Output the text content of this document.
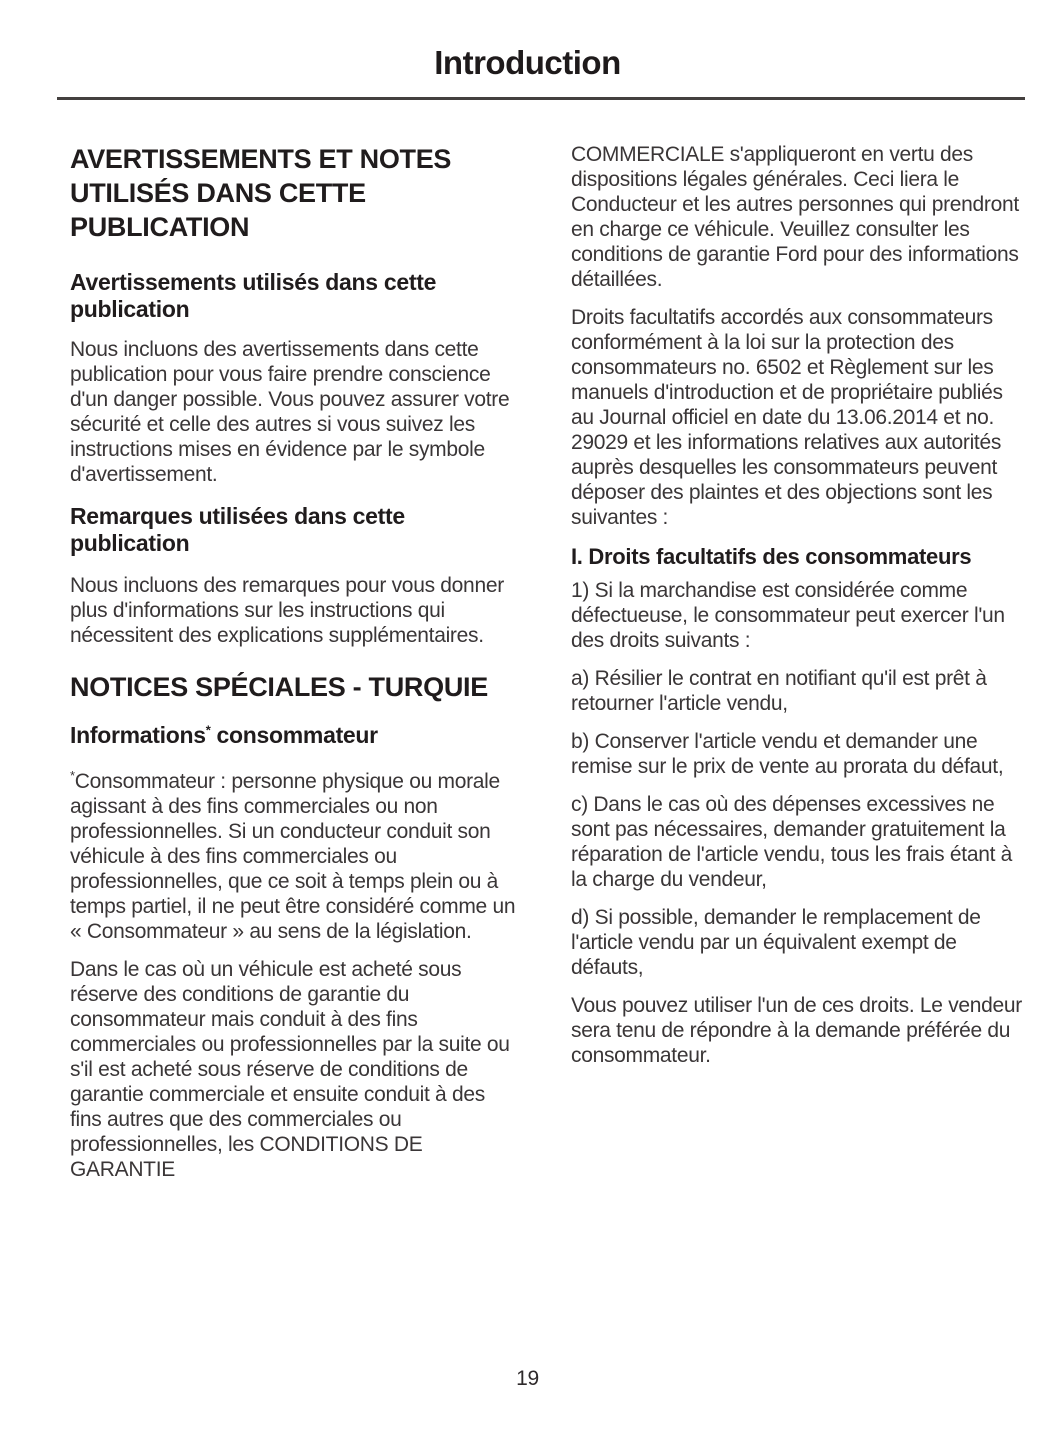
Introduction
AVERTISSEMENTS ET NOTES UTILISÉS DANS CETTE PUBLICATION
Avertissements utilisés dans cette publication

Nous incluons des avertissements dans cette publication pour vous faire prendre conscience d'un danger possible. Vous pouvez assurer votre sécurité et celle des autres si vous suivez les instructions mises en évidence par le symbole d'avertissement.

Remarques utilisées dans cette publication

Nous incluons des remarques pour vous donner plus d'informations sur les instructions qui nécessitent des explications supplémentaires.

NOTICES SPÉCIALES - TURQUIE
Informations* consommateur

*Consommateur : personne physique ou morale agissant à des fins commerciales ou non professionnelles. Si un conducteur conduit son véhicule à des fins commerciales ou professionnelles, que ce soit à temps plein ou à temps partiel, il ne peut être considéré comme un « Consommateur » au sens de la législation.

Dans le cas où un véhicule est acheté sous réserve des conditions de garantie du consommateur mais conduit à des fins commerciales ou professionnelles par la suite ou s'il est acheté sous réserve de conditions de garantie commerciale et ensuite conduit à des fins autres que des commerciales ou professionnelles, les CONDITIONS DE GARANTIE

COMMERCIALE s'appliqueront en vertu des dispositions légales générales. Ceci liera le Conducteur et les autres personnes qui prendront en charge ce véhicule. Veuillez consulter les conditions de garantie Ford pour des informations détaillées.

Droits facultatifs accordés aux consommateurs conformément à la loi sur la protection des consommateurs no. 6502 et Règlement sur les manuels d'introduction et de propriétaire publiés au Journal officiel en date du 13.06.2014 et no. 29029 et les informations relatives aux autorités auprès desquelles les consommateurs peuvent déposer des plaintes et des objections sont les suivantes :

I. Droits facultatifs des consommateurs

1) Si la marchandise est considérée comme défectueuse, le consommateur peut exercer l'un des droits suivants :

a) Résilier le contrat en notifiant qu'il est prêt à retourner l'article vendu,

b) Conserver l'article vendu et demander une remise sur le prix de vente au prorata du défaut,

c) Dans le cas où des dépenses excessives ne sont pas nécessaires, demander gratuitement la réparation de l'article vendu, tous les frais étant à la charge du vendeur,

d) Si possible, demander le remplacement de l'article vendu par un équivalent exempt de défauts,

Vous pouvez utiliser l'un de ces droits. Le vendeur sera tenu de répondre à la demande préférée du consommateur.

19
